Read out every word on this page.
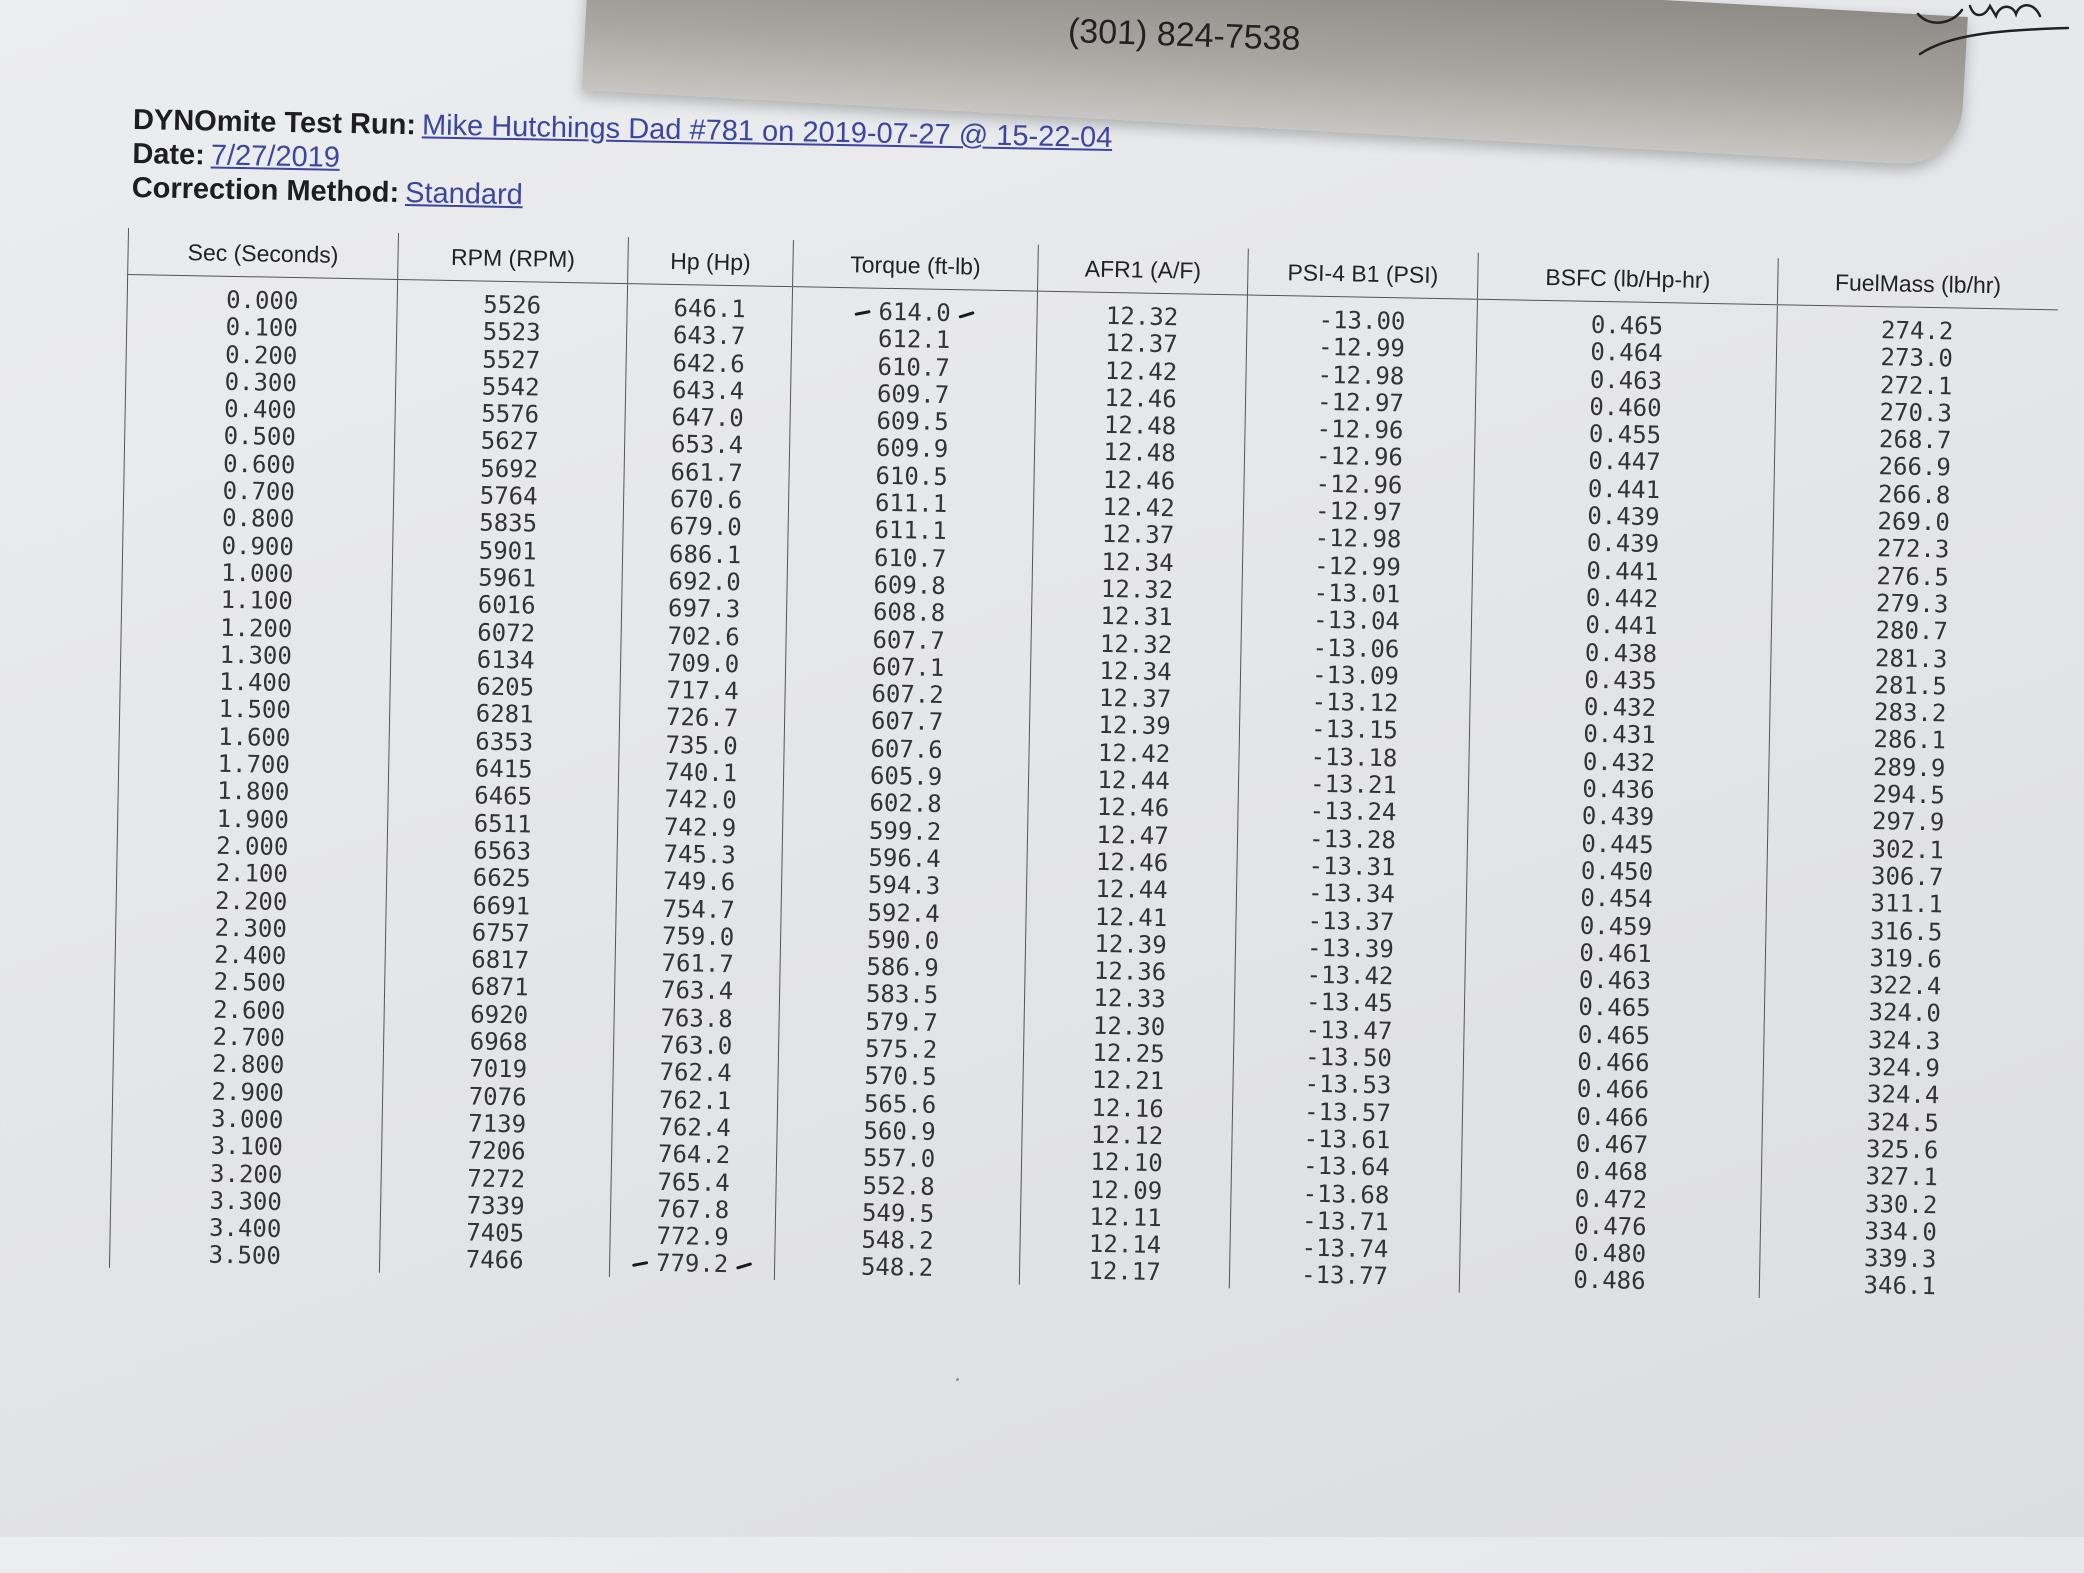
(301) 824-7538
DYNOmite Test Run: Mike Hutchings Dad #781 on 2019-07-27 @ 15-22-04
Date: 7/27/2019
Correction Method: Standard
Sec (Seconds)	RPM (RPM)	Hp (Hp)	Torque (ft-lb)	AFR1 (A/F)	PSI-4 B1 (PSI)	BSFC (lb/Hp-hr)	FuelMass (lb/hr)
0.000	5526	646.1	614.0	12.32	-13.00	0.465	274.2
0.100	5523	643.7	612.1	12.37	-12.99	0.464	273.0
0.200	5527	642.6	610.7	12.42	-12.98	0.463	272.1
0.300	5542	643.4	609.7	12.46	-12.97	0.460	270.3
0.400	5576	647.0	609.5	12.48	-12.96	0.455	268.7
0.500	5627	653.4	609.9	12.48	-12.96	0.447	266.9
0.600	5692	661.7	610.5	12.46	-12.96	0.441	266.8
0.700	5764	670.6	611.1	12.42	-12.97	0.439	269.0
0.800	5835	679.0	611.1	12.37	-12.98	0.439	272.3
0.900	5901	686.1	610.7	12.34	-12.99	0.441	276.5
1.000	5961	692.0	609.8	12.32	-13.01	0.442	279.3
1.100	6016	697.3	608.8	12.31	-13.04	0.441	280.7
1.200	6072	702.6	607.7	12.32	-13.06	0.438	281.3
1.300	6134	709.0	607.1	12.34	-13.09	0.435	281.5
1.400	6205	717.4	607.2	12.37	-13.12	0.432	283.2
1.500	6281	726.7	607.7	12.39	-13.15	0.431	286.1
1.600	6353	735.0	607.6	12.42	-13.18	0.432	289.9
1.700	6415	740.1	605.9	12.44	-13.21	0.436	294.5
1.800	6465	742.0	602.8	12.46	-13.24	0.439	297.9
1.900	6511	742.9	599.2	12.47	-13.28	0.445	302.1
2.000	6563	745.3	596.4	12.46	-13.31	0.450	306.7
2.100	6625	749.6	594.3	12.44	-13.34	0.454	311.1
2.200	6691	754.7	592.4	12.41	-13.37	0.459	316.5
2.300	6757	759.0	590.0	12.39	-13.39	0.461	319.6
2.400	6817	761.7	586.9	12.36	-13.42	0.463	322.4
2.500	6871	763.4	583.5	12.33	-13.45	0.465	324.0
2.600	6920	763.8	579.7	12.30	-13.47	0.465	324.3
2.700	6968	763.0	575.2	12.25	-13.50	0.466	324.9
2.800	7019	762.4	570.5	12.21	-13.53	0.466	324.4
2.900	7076	762.1	565.6	12.16	-13.57	0.466	324.5
3.000	7139	762.4	560.9	12.12	-13.61	0.467	325.6
3.100	7206	764.2	557.0	12.10	-13.64	0.468	327.1
3.200	7272	765.4	552.8	12.09	-13.68	0.472	330.2
3.300	7339	767.8	549.5	12.11	-13.71	0.476	334.0
3.400	7405	772.9	548.2	12.14	-13.74	0.480	339.3
3.500	7466	779.2	548.2	12.17	-13.77	0.486	346.1
